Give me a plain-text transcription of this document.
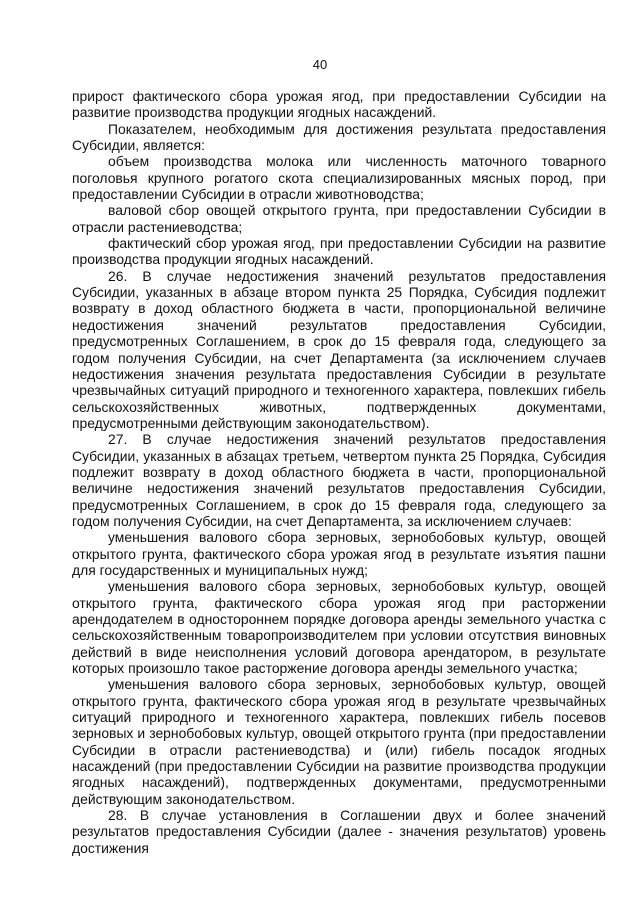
40

прирост фактического сбора урожая ягод, при предоставлении Субсидии на развитие производства продукции ягодных насаждений.

Показателем, необходимым для достижения результата предоставления Субсидии, является:

объем производства молока или численность маточного товарного поголовья крупного рогатого скота специализированных мясных пород, при предоставлении Субсидии в отрасли животноводства;

валовой сбор овощей открытого грунта, при предоставлении Субсидии в отрасли растениеводства;

фактический сбор урожая ягод, при предоставлении Субсидии на развитие производства продукции ягодных насаждений.

26. В случае недостижения значений результатов предоставления Субсидии, указанных в абзаце втором пункта 25 Порядка, Субсидия подлежит возврату в доход областного бюджета в части, пропорциональной величине недостижения значений результатов предоставления Субсидии, предусмотренных Соглашением, в срок до 15 февраля года, следующего за годом получения Субсидии, на счет Департамента (за исключением случаев недостижения значения результата предоставления Субсидии в результате чрезвычайных ситуаций природного и техногенного характера, повлекших гибель сельскохозяйственных животных, подтвержденных документами, предусмотренными действующим законодательством).

27. В случае недостижения значений результатов предоставления Субсидии, указанных в абзацах третьем, четвертом пункта 25 Порядка, Субсидия подлежит возврату в доход областного бюджета в части, пропорциональной величине недостижения значений результатов предоставления Субсидии, предусмотренных Соглашением, в срок до 15 февраля года, следующего за годом получения Субсидии, на счет Департамента, за исключением случаев:

уменьшения валового сбора зерновых, зернобобовых культур, овощей открытого грунта, фактического сбора урожая ягод в результате изъятия пашни для государственных и муниципальных нужд;

уменьшения валового сбора зерновых, зернобобовых культур, овощей открытого грунта, фактического сбора урожая ягод при расторжении арендодателем в одностороннем порядке договора аренды земельного участка с сельскохозяйственным товаропроизводителем при условии отсутствия виновных действий в виде неисполнения условий договора арендатором, в результате которых произошло такое расторжение договора аренды земельного участка;

уменьшения валового сбора зерновых, зернобобовых культур, овощей открытого грунта, фактического сбора урожая ягод в результате чрезвычайных ситуаций природного и техногенного характера, повлекших гибель посевов зерновых и зернобобовых культур, овощей открытого грунта (при предоставлении Субсидии в отрасли растениеводства) и (или) гибель посадок ягодных насаждений (при предоставлении Субсидии на развитие производства продукции ягодных насаждений), подтвержденных документами, предусмотренными действующим законодательством.

28. В случае установления в Соглашении двух и более значений результатов предоставления Субсидии (далее - значения результатов) уровень достижения
